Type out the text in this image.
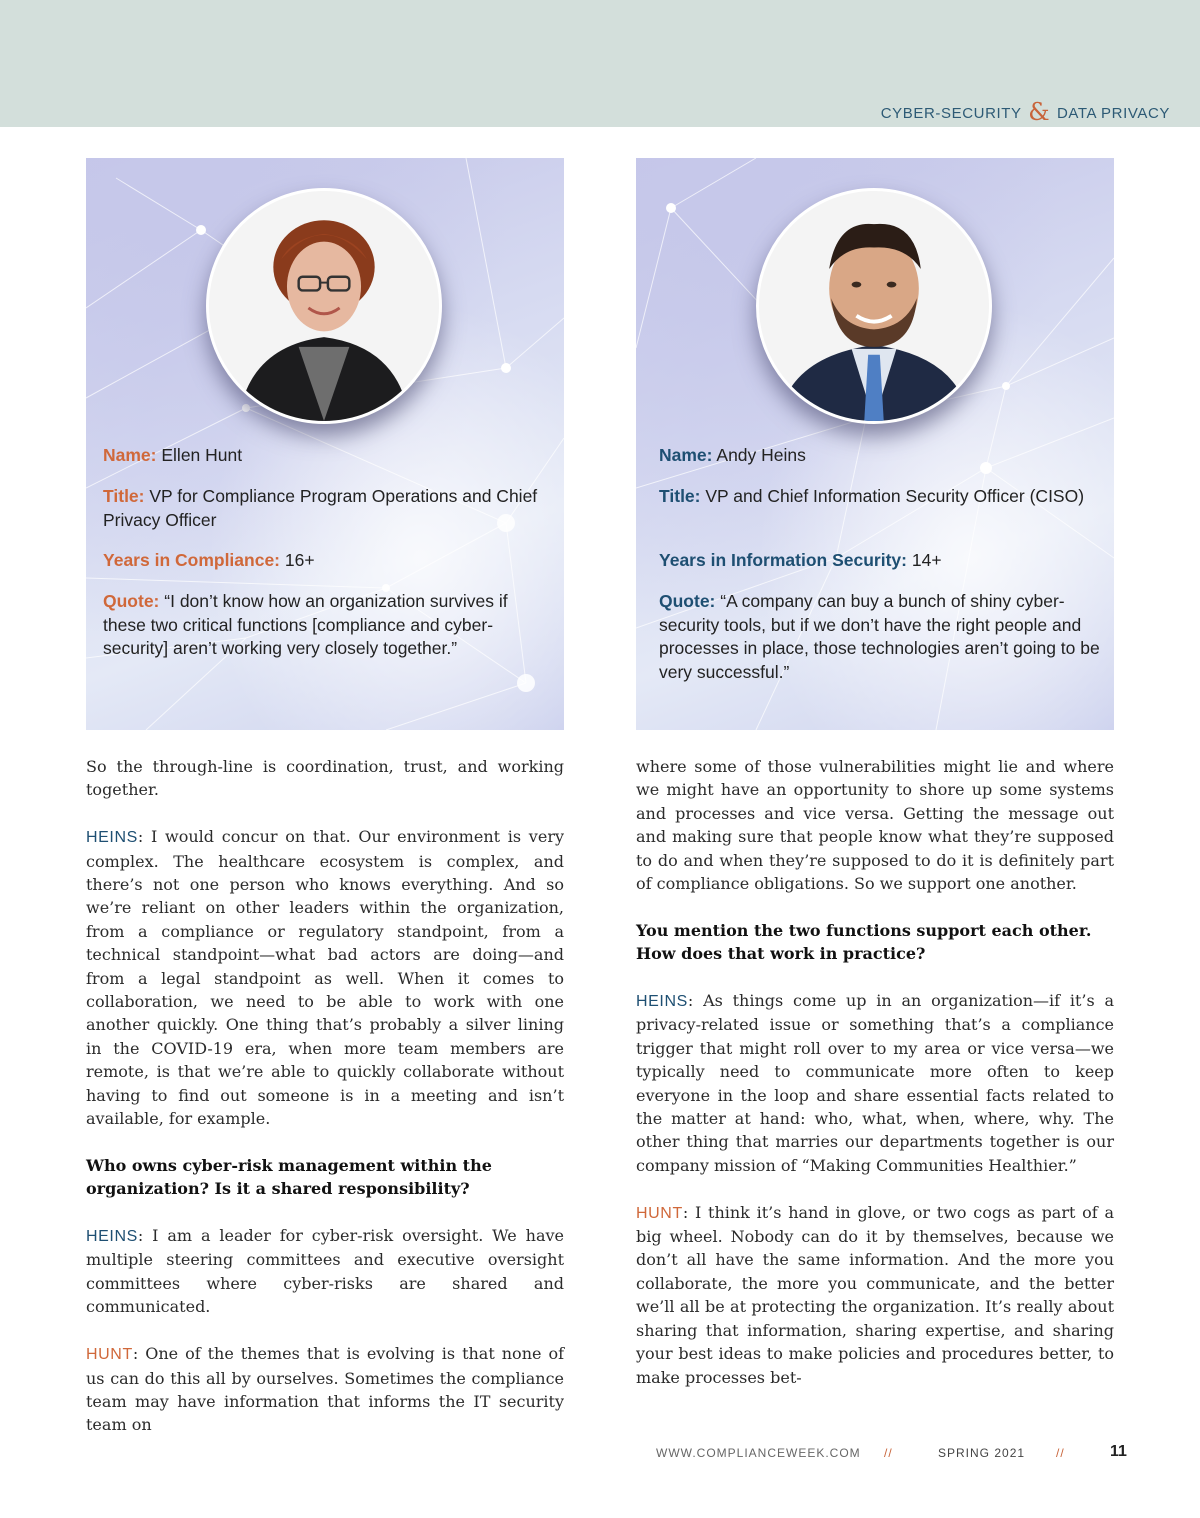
CYBER-SECURITY & DATA PRIVACY
Name: Ellen Hunt
Title: VP for Compliance Program Operations and Chief Privacy Officer
Years in Compliance: 16+
Quote: “I don’t know how an organization survives if these two critical functions [compliance and cyber-security] aren’t working very closely together.”
Name: Andy Heins
Title: VP and Chief Information Security Officer (CISO)
Years in Information Security: 14+
Quote: “A company can buy a bunch of shiny cyber-security tools, but if we don’t have the right people and processes in place, those technologies aren’t going to be very successful.”

So the through-line is coordination, trust, and working together.

HEINS: I would concur on that. Our environment is very complex. The healthcare ecosystem is complex, and there’s not one person who knows everything. And so we’re reliant on other leaders within the organization, from a compliance or regulatory standpoint, from a technical standpoint—what bad actors are doing—and from a legal standpoint as well. When it comes to collaboration, we need to be able to work with one another quickly. One thing that’s probably a silver lining in the COVID-19 era, when more team members are remote, is that we’re able to quickly collaborate without having to find out someone is in a meeting and isn’t available, for example.

Who owns cyber-risk management within the organization? Is it a shared responsibility?

HEINS: I am a leader for cyber-risk oversight. We have multiple steering committees and executive oversight committees where cyber-risks are shared and communicated.

HUNT: One of the themes that is evolving is that none of us can do this all by ourselves. Sometimes the compliance team may have information that informs the IT security team on

where some of those vulnerabilities might lie and where we might have an opportunity to shore up some systems and processes and vice versa. Getting the message out and making sure that people know what they’re supposed to do and when they’re supposed to do it is definitely part of compliance obligations. So we support one another.

You mention the two functions support each other. How does that work in practice?

HEINS: As things come up in an organization—if it’s a privacy-related issue or something that’s a compliance trigger that might roll over to my area or vice versa—we typically need to communicate more often to keep everyone in the loop and share essential facts related to the matter at hand: who, what, when, where, why. The other thing that marries our departments together is our company mission of “Making Communities Healthier.”

HUNT: I think it’s hand in glove, or two cogs as part of a big wheel. Nobody can do it by themselves, because we don’t all have the same information. And the more you collaborate, the more you communicate, and the better we’ll all be at protecting the organization. It’s really about sharing that information, sharing expertise, and sharing your best ideas to make policies and procedures better, to make processes bet-

WWW.COMPLIANCEWEEK.COM //	SPRING 2021	//	11
